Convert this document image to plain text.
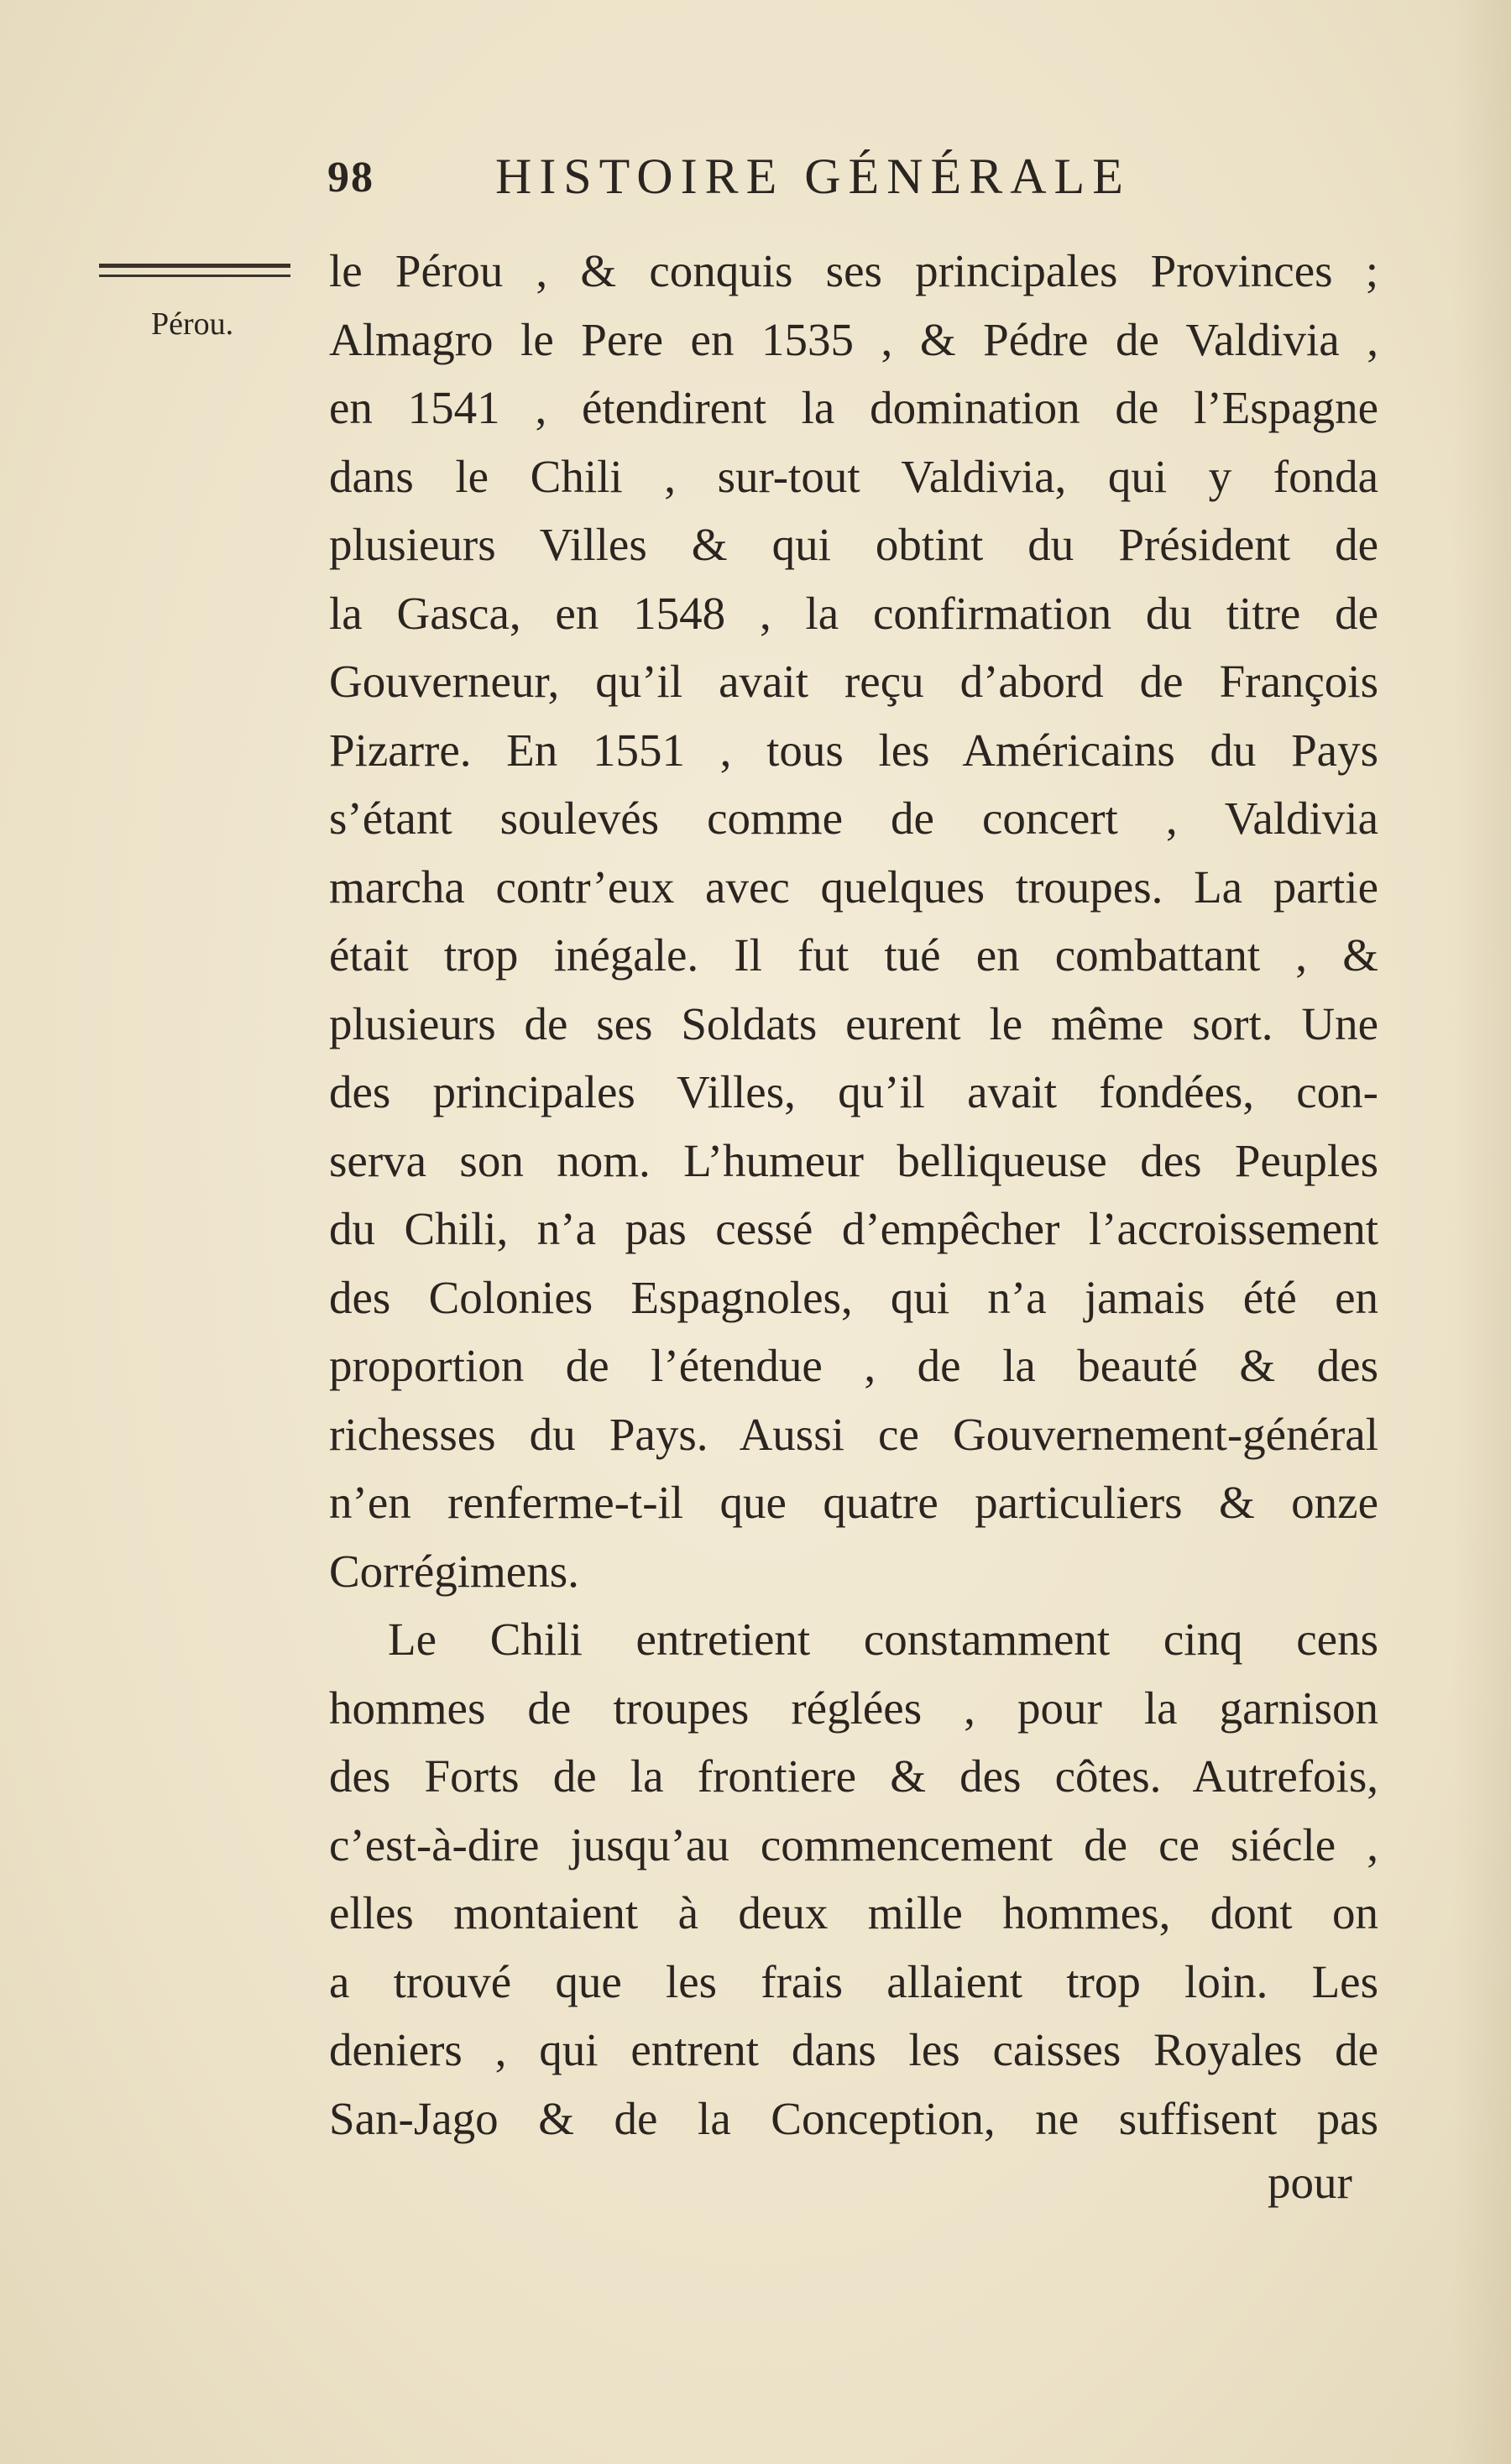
98 HISTOIRE GÉNÉRALE
Pérou.
le Pérou , & conquis ses principales Provinces ;
Almagro le Pere en 1535 , & Pédre de Valdivia ,
en 1541 , étendirent la domination de l’Espagne
dans le Chili , sur-tout Valdivia, qui y fonda
plusieurs Villes & qui obtint du Président de
la Gasca, en 1548 , la confirmation du titre de
Gouverneur, qu’il avait reçu d’abord de François
Pizarre. En 1551 , tous les Américains du Pays
s’étant soulevés comme de concert , Valdivia
marcha contr’eux avec quelques troupes. La partie
était trop inégale. Il fut tué en combattant , &
plusieurs de ses Soldats eurent le même sort. Une
des principales Villes, qu’il avait fondées, con-
serva son nom. L’humeur belliqueuse des Peuples
du Chili, n’a pas cessé d’empêcher l’accroissement
des Colonies Espagnoles, qui n’a jamais été en
proportion de l’étendue , de la beauté & des
richesses du Pays. Aussi ce Gouvernement-général
n’en renferme-t-il que quatre particuliers & onze
Corrégimens.
Le Chili entretient constamment cinq cens
hommes de troupes réglées , pour la garnison
des Forts de la frontiere & des côtes. Autrefois,
c’est-à-dire jusqu’au commencement de ce siécle ,
elles montaient à deux mille hommes, dont on
a trouvé que les frais allaient trop loin. Les
deniers , qui entrent dans les caisses Royales de
San-Jago & de la Conception, ne suffisent pas
pour
